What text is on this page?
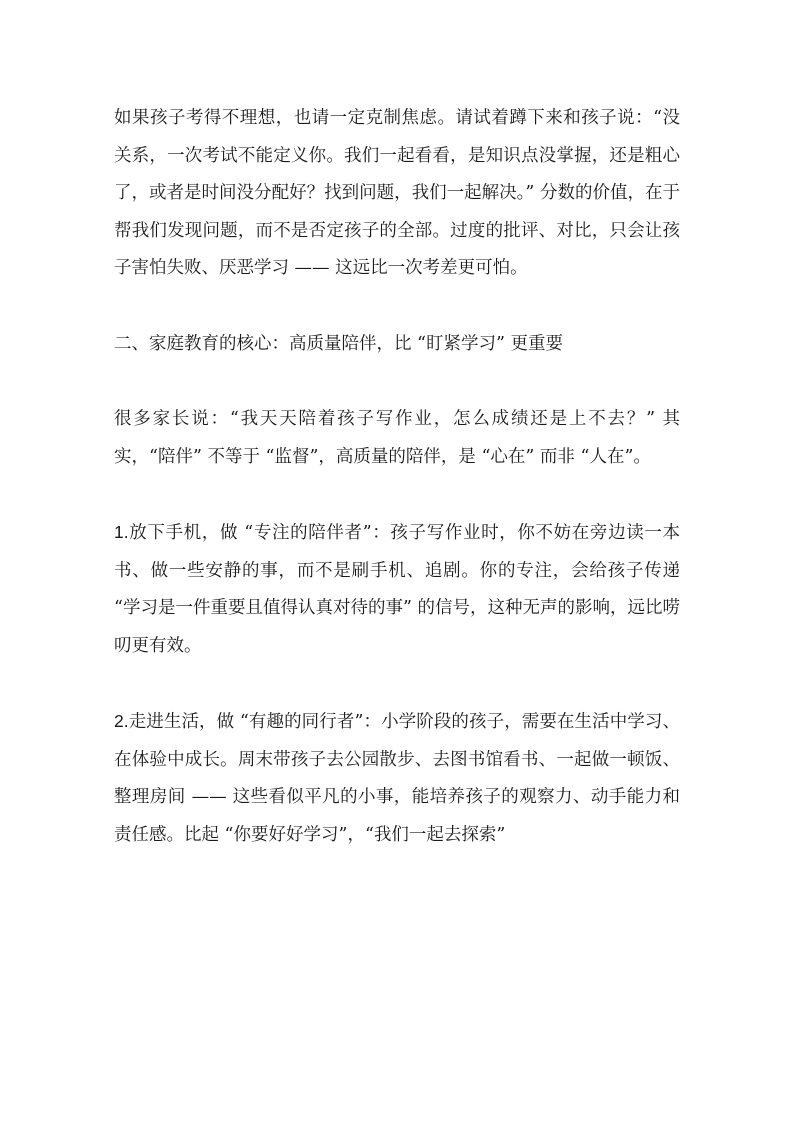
如果孩子考得不理想，也请一定克制焦虑。请试着蹲下来和孩子说：“没关系，一次考试不能定义你。我们一起看看，是知识点没掌握，还是粗心了，或者是时间没分配好？找到问题，我们一起解决。” 分数的价值，在于帮我们发现问题，而不是否定孩子的全部。过度的批评、对比，只会让孩子害怕失败、厌恶学习 —— 这远比一次考差更可怕。

二、家庭教育的核心：高质量陪伴，比 “盯紧学习” 更重要

很多家长说：“我天天陪着孩子写作业，怎么成绩还是上不去？” 其实，“陪伴” 不等于 “监督”，高质量的陪伴，是 “心在” 而非 “人在”。

1.放下手机，做 “专注的陪伴者”：孩子写作业时，你不妨在旁边读一本书、做一些安静的事，而不是刷手机、追剧。你的专注，会给孩子传递 “学习是一件重要且值得认真对待的事” 的信号，这种无声的影响，远比唠叨更有效。

2.走进生活，做 “有趣的同行者”：小学阶段的孩子，需要在生活中学习、在体验中成长。周末带孩子去公园散步、去图书馆看书、一起做一顿饭、整理房间 —— 这些看似平凡的小事，能培养孩子的观察力、动手能力和责任感。比起 “你要好好学习”，“我们一起去探索”
